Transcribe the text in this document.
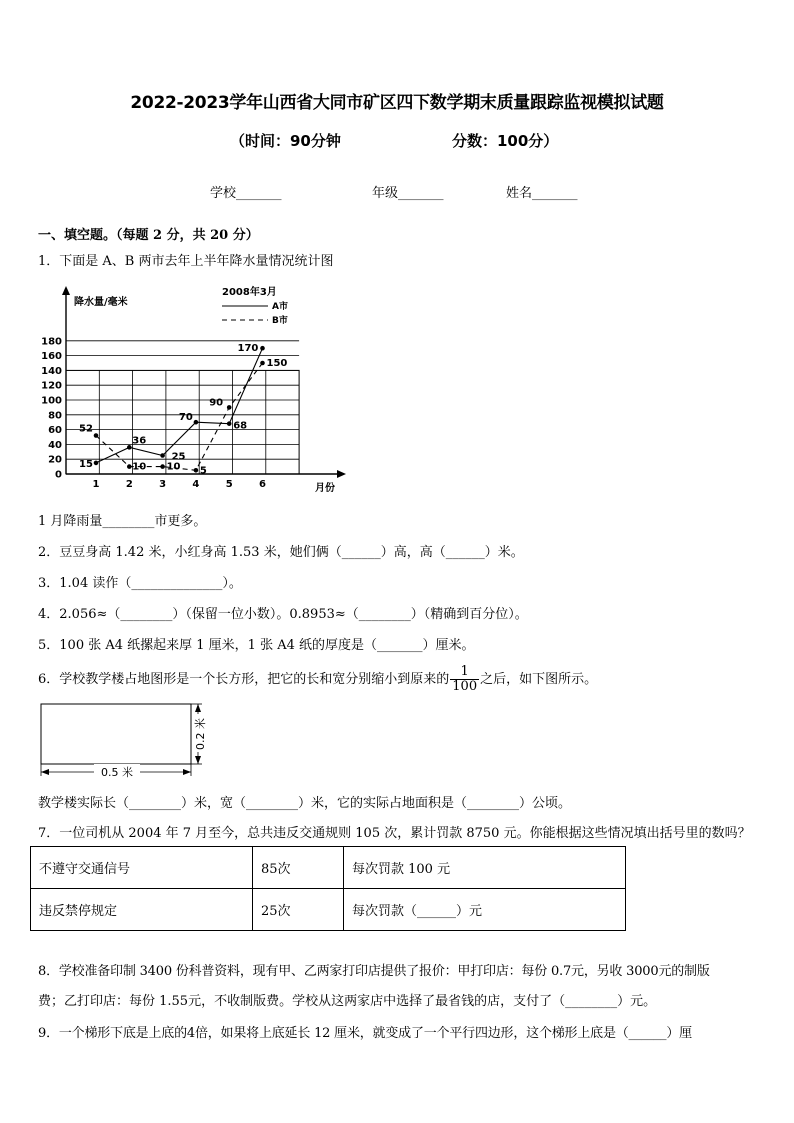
2022-2023学年山西省大同市矿区四下数学期末质量跟踪监视模拟试题
（时间：90分钟	分数：100分）
学校_______	年级_______	姓名_______
一、填空题。（每题 2 分，共 20 分）
1．下面是 A、B 两市去年上半年降水量情况统计图
0
20
40
60
80
100
120
140
160
180
1	2	3	4	5	6
15
36
25
70
68
170
52
10 10 5
90
150
降水量/毫米
2008年3月
A市
B市
月份
1 月降雨量________市更多。
2．豆豆身高 1.42 米，小红身高 1.53 米，她们俩（______）高，高（______）米。
3．1.04 读作（______________）。
4．2.056≈（________）（保留一位小数）。0.8953≈（________）（精确到百分位）。
5．100 张 A4 纸摞起来厚 1 厘米，1 张 A4 纸的厚度是（_______）厘米。
6．学校教学楼占地图形是一个长方形，把它的长和宽分别缩小到原来的 $\frac{1}{100}$ 之后，如下图所示。
0.5 米
0.2 米
教学楼实际长（________）米，宽（________）米，它的实际占地面积是（________）公顷。
7．一位司机从 2004 年 7 月至今，总共违反交通规则 105 次，累计罚款 8750 元。你能根据这些情况填出括号里的数吗？
不遵守交通信号	85次	每次罚款 100 元
违反禁停规定	25次	每次罚款（______）元
8．学校准备印制 3400 份科普资料，现有甲、乙两家打印店提供了报价：甲打印店：每份 0.7元，另收 3000元的制版
费；乙打印店：每份 1.55元，不收制版费。学校从这两家店中选择了最省钱的店，支付了（________）元。
9．一个梯形下底是上底的4倍，如果将上底延长 12 厘米，就变成了一个平行四边形，这个梯形上底是（______）厘
